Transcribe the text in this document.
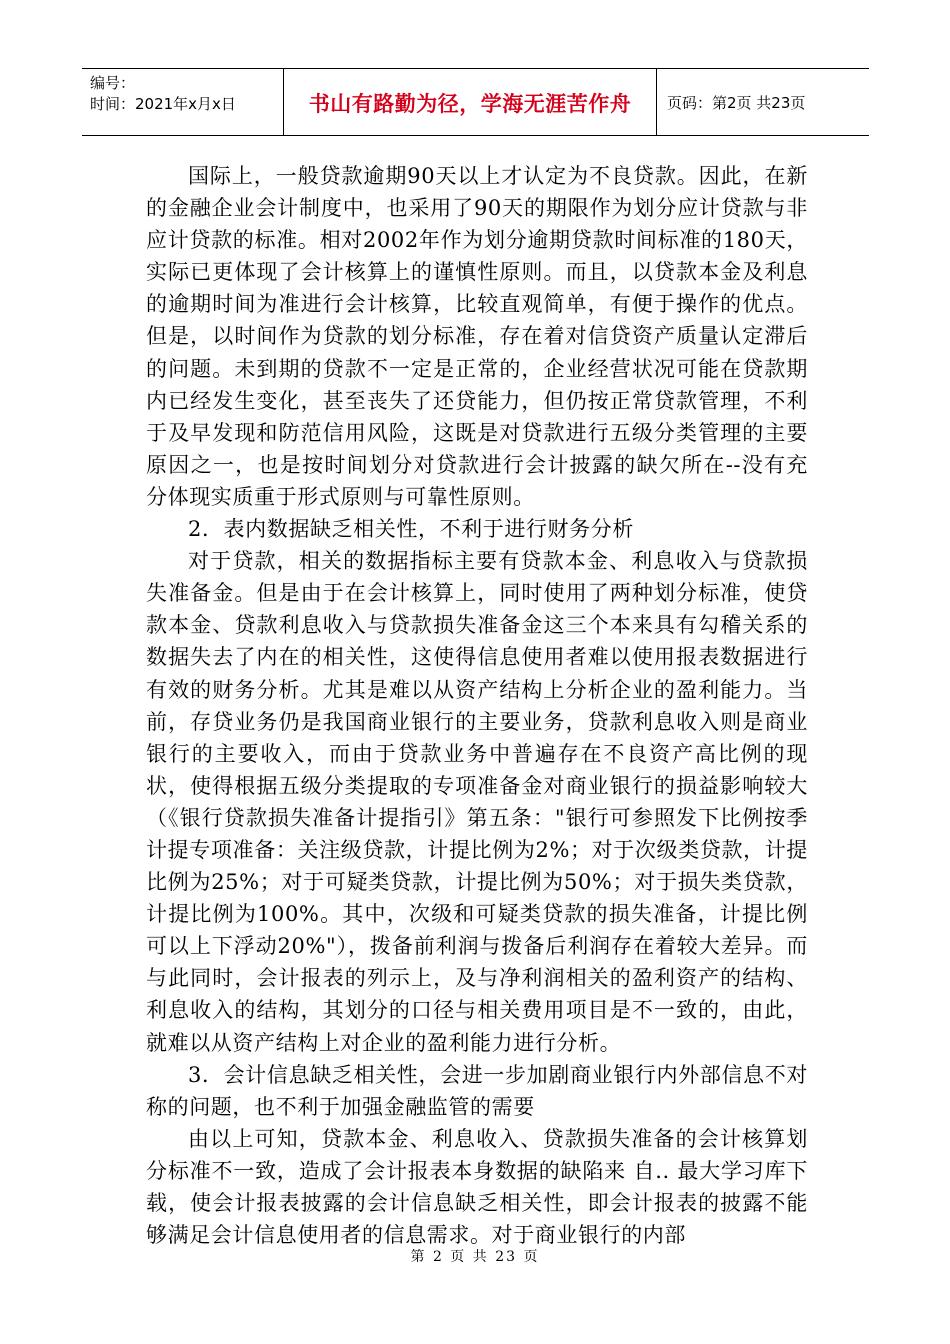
编号：
时间：2021年x月x日	书山有路勤为径，学海无涯苦作舟 页码：第2页 共23页

国际上，一般贷款逾期90天以上才认定为不良贷款。因此，在新的金融企业会计制度中，也采用了90天的期限作为划分应计贷款与非应计贷款的标准。相对2002年作为划分逾期贷款时间标准的180天，实际已更体现了会计核算上的谨慎性原则。而且，以贷款本金及利息的逾期时间为准进行会计核算，比较直观简单，有便于操作的优点。但是，以时间作为贷款的划分标准，存在着对信贷资产质量认定滞后的问题。未到期的贷款不一定是正常的，企业经营状况可能在贷款期内已经发生变化，甚至丧失了还贷能力，但仍按正常贷款管理，不利于及早发现和防范信用风险，这既是对贷款进行五级分类管理的主要原因之一，也是按时间划分对贷款进行会计披露的缺欠所在--没有充分体现实质重于形式原则与可靠性原则。

2．表内数据缺乏相关性，不利于进行财务分析

对于贷款，相关的数据指标主要有贷款本金、利息收入与贷款损失准备金。但是由于在会计核算上，同时使用了两种划分标准，使贷款本金、贷款利息收入与贷款损失准备金这三个本来具有勾稽关系的数据失去了内在的相关性，这使得信息使用者难以使用报表数据进行有效的财务分析。尤其是难以从资产结构上分析企业的盈利能力。当前，存贷业务仍是我国商业银行的主要业务，贷款利息收入则是商业银行的主要收入，而由于贷款业务中普遍存在不良资产高比例的现状，使得根据五级分类提取的专项准备金对商业银行的损益影响较大（《银行贷款损失准备计提指引》第五条："银行可参照发下比例按季计提专项准备：关注级贷款，计提比例为2%；对于次级类贷款，计提比例为25%；对于可疑类贷款，计提比例为50%；对于损失类贷款，计提比例为100%。其中，次级和可疑类贷款的损失准备，计提比例可以上下浮动20%"），拨备前利润与拨备后利润存在着较大差异。而与此同时，会计报表的列示上，及与净利润相关的盈利资产的结构、利息收入的结构，其划分的口径与相关费用项目是不一致的，由此，就难以从资产结构上对企业的盈利能力进行分析。

3．会计信息缺乏相关性，会进一步加剧商业银行内外部信息不对称的问题，也不利于加强金融监管的需要

由以上可知，贷款本金、利息收入、贷款损失准备的会计核算划分标准不一致，造成了会计报表本身数据的缺陷来 自.. 最大学习库下载，使会计报表披露的会计信息缺乏相关性，即会计报表的披露不能够满足会计信息使用者的信息需求。对于商业银行的内部

第 2 页 共 23 页
